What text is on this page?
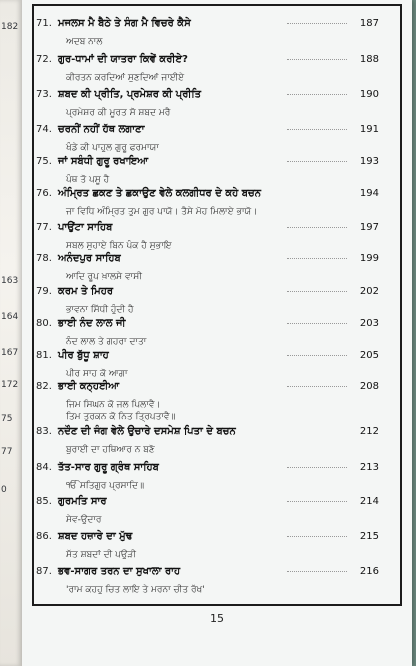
182
163
164
167
172
75
77
0
71. ਮਜਲਸ ਮੈ ਬੈਠੇ ਤੇ ਸੰਗ ਮੈ ਵਿਚਰੇ ਕੈਸੇ	187
ਅਦਬ ਨਾਲ
72. ਗੁਰ-ਧਾਮਾਂ ਦੀ ਯਾਤਰਾ ਕਿਵੇਂ ਕਰੀਏ?	188
ਕੀਰਤਨ ਕਰਦਿਆਂ ਸੁਣਦਿਆਂ ਜਾਈਏ
73. ਸ਼ਬਦ ਕੀ ਪ੍ਰੀਤਿ, ਪ੍ਰਮੇਸ਼ਰ ਕੀ ਪ੍ਰੀਤਿ	190
ਪ੍ਰਮੇਸ਼ਰ ਕੀ ਮੂਰਤ ਸੋ ਸ਼ਬਦ ਮਰੈ
74. ਚਰਨੀਂ ਨਹੀਂ ਹੱਥ ਲਗਾਣਾ	191
ਖੰਡੇ ਕੀ ਪਾਹੁਲ ਗੁਰੂ ਫਰਮਾਯਾ
75. ਜਾਂ ਸਬੰਧੀ ਗੁਰੂ ਰਖਾਇਆ	193
ਪੰਥ ਤੋ ਪਸੂ ਹੈ
76. ਅੰਮ੍ਰਿਤ ਛਕਣ ਤੇ ਛਕਾਉਣ ਵੇਲੇ ਕਲਗੀਧਰ ਦੇ ਕਹੇ ਬਚਨ	194
ਜਾ ਵਿਧਿ ਅੰਮ੍ਰਿਤ ਤੁਮ ਗੁਰ ਪਾਯੋ। ਤੈਸੇ ਮੋਹ ਮਿਲਾਏ ਭਾਯੋ।
77. ਪਾਉਂਟਾ ਸਾਹਿਬ	197
ਸਬਲ ਸੁਹਾਏ ਬਿਨ ਪੰਕ ਹੈ ਸੁਭਾਇ
78. ਅਨੰਦਪੁਰ ਸਾਹਿਬ	199
ਆਦਿ ਰੂਪ ਖ਼ਾਲਸੇ ਵਾਸੀ
79. ਕਰਮ ਤੇ ਮਿਹਰ	202
ਭਾਵਨਾ ਸਿੱਧੀ ਹੁੰਦੀ ਹੈ
80. ਭਾਈ ਨੰਦ ਲਾਲ ਜੀ	203
ਨੰਦ ਲਾਲ ਤੇ ਗਹਰਾ ਦਾਤਾ
81. ਪੀਰ ਬੁੱਧੂ ਸ਼ਾਹ	205
ਪੀਰ ਸਾਹ ਕੋ ਆਗਾ
82. ਭਾਈ ਕਨ੍ਹਈਆ	208
ਜਿਮ ਸਿਘਨ ਕੋ ਜਲ ਪਿਲਾਵੈ।
ਤਿਮ ਤੁਰਕਨ ਕੋ ਨਿਤ ਤ੍ਰਿਪਤਾਵੈ॥
83. ਨਦੌਣ ਦੀ ਜੰਗ ਵੇਲੇ ਉਚਾਰੇ ਦਸਮੇਸ਼ ਪਿਤਾ ਦੇ ਬਚਨ	212
ਬੁਰਾਈ ਦਾ ਹਥਿਆਰ ਨ ਬਣੋ
84. ਤੱਤ-ਸਾਰ ਗੁਰੂ ਗ੍ਰੰਥ ਸਾਹਿਬ	213
ੴ ਸਤਿਗੁਰ ਪ੍ਰਸਾਦਿ॥
85. ਗੁਰਮਤਿ ਸਾਰ	214
ਸੇਵ-ਉਦਾਰ
86. ਸ਼ਬਦ ਹਜ਼ਾਰੇ ਦਾ ਮੁੱਢ	215
ਸੱਤ ਸ਼ਬਦਾਂ ਦੀ ਪਉੜੀ
87. ਭਵ-ਸਾਗਰ ਤਰਨ ਦਾ ਸੁਖਾਲਾ ਰਾਹ	216
'ਰਾਮ ਕਹਹੁ ਚਿਤ ਲਾਇ ਤੇ ਮਰਨਾ ਚੀਤ ਰੱਖ'
15
